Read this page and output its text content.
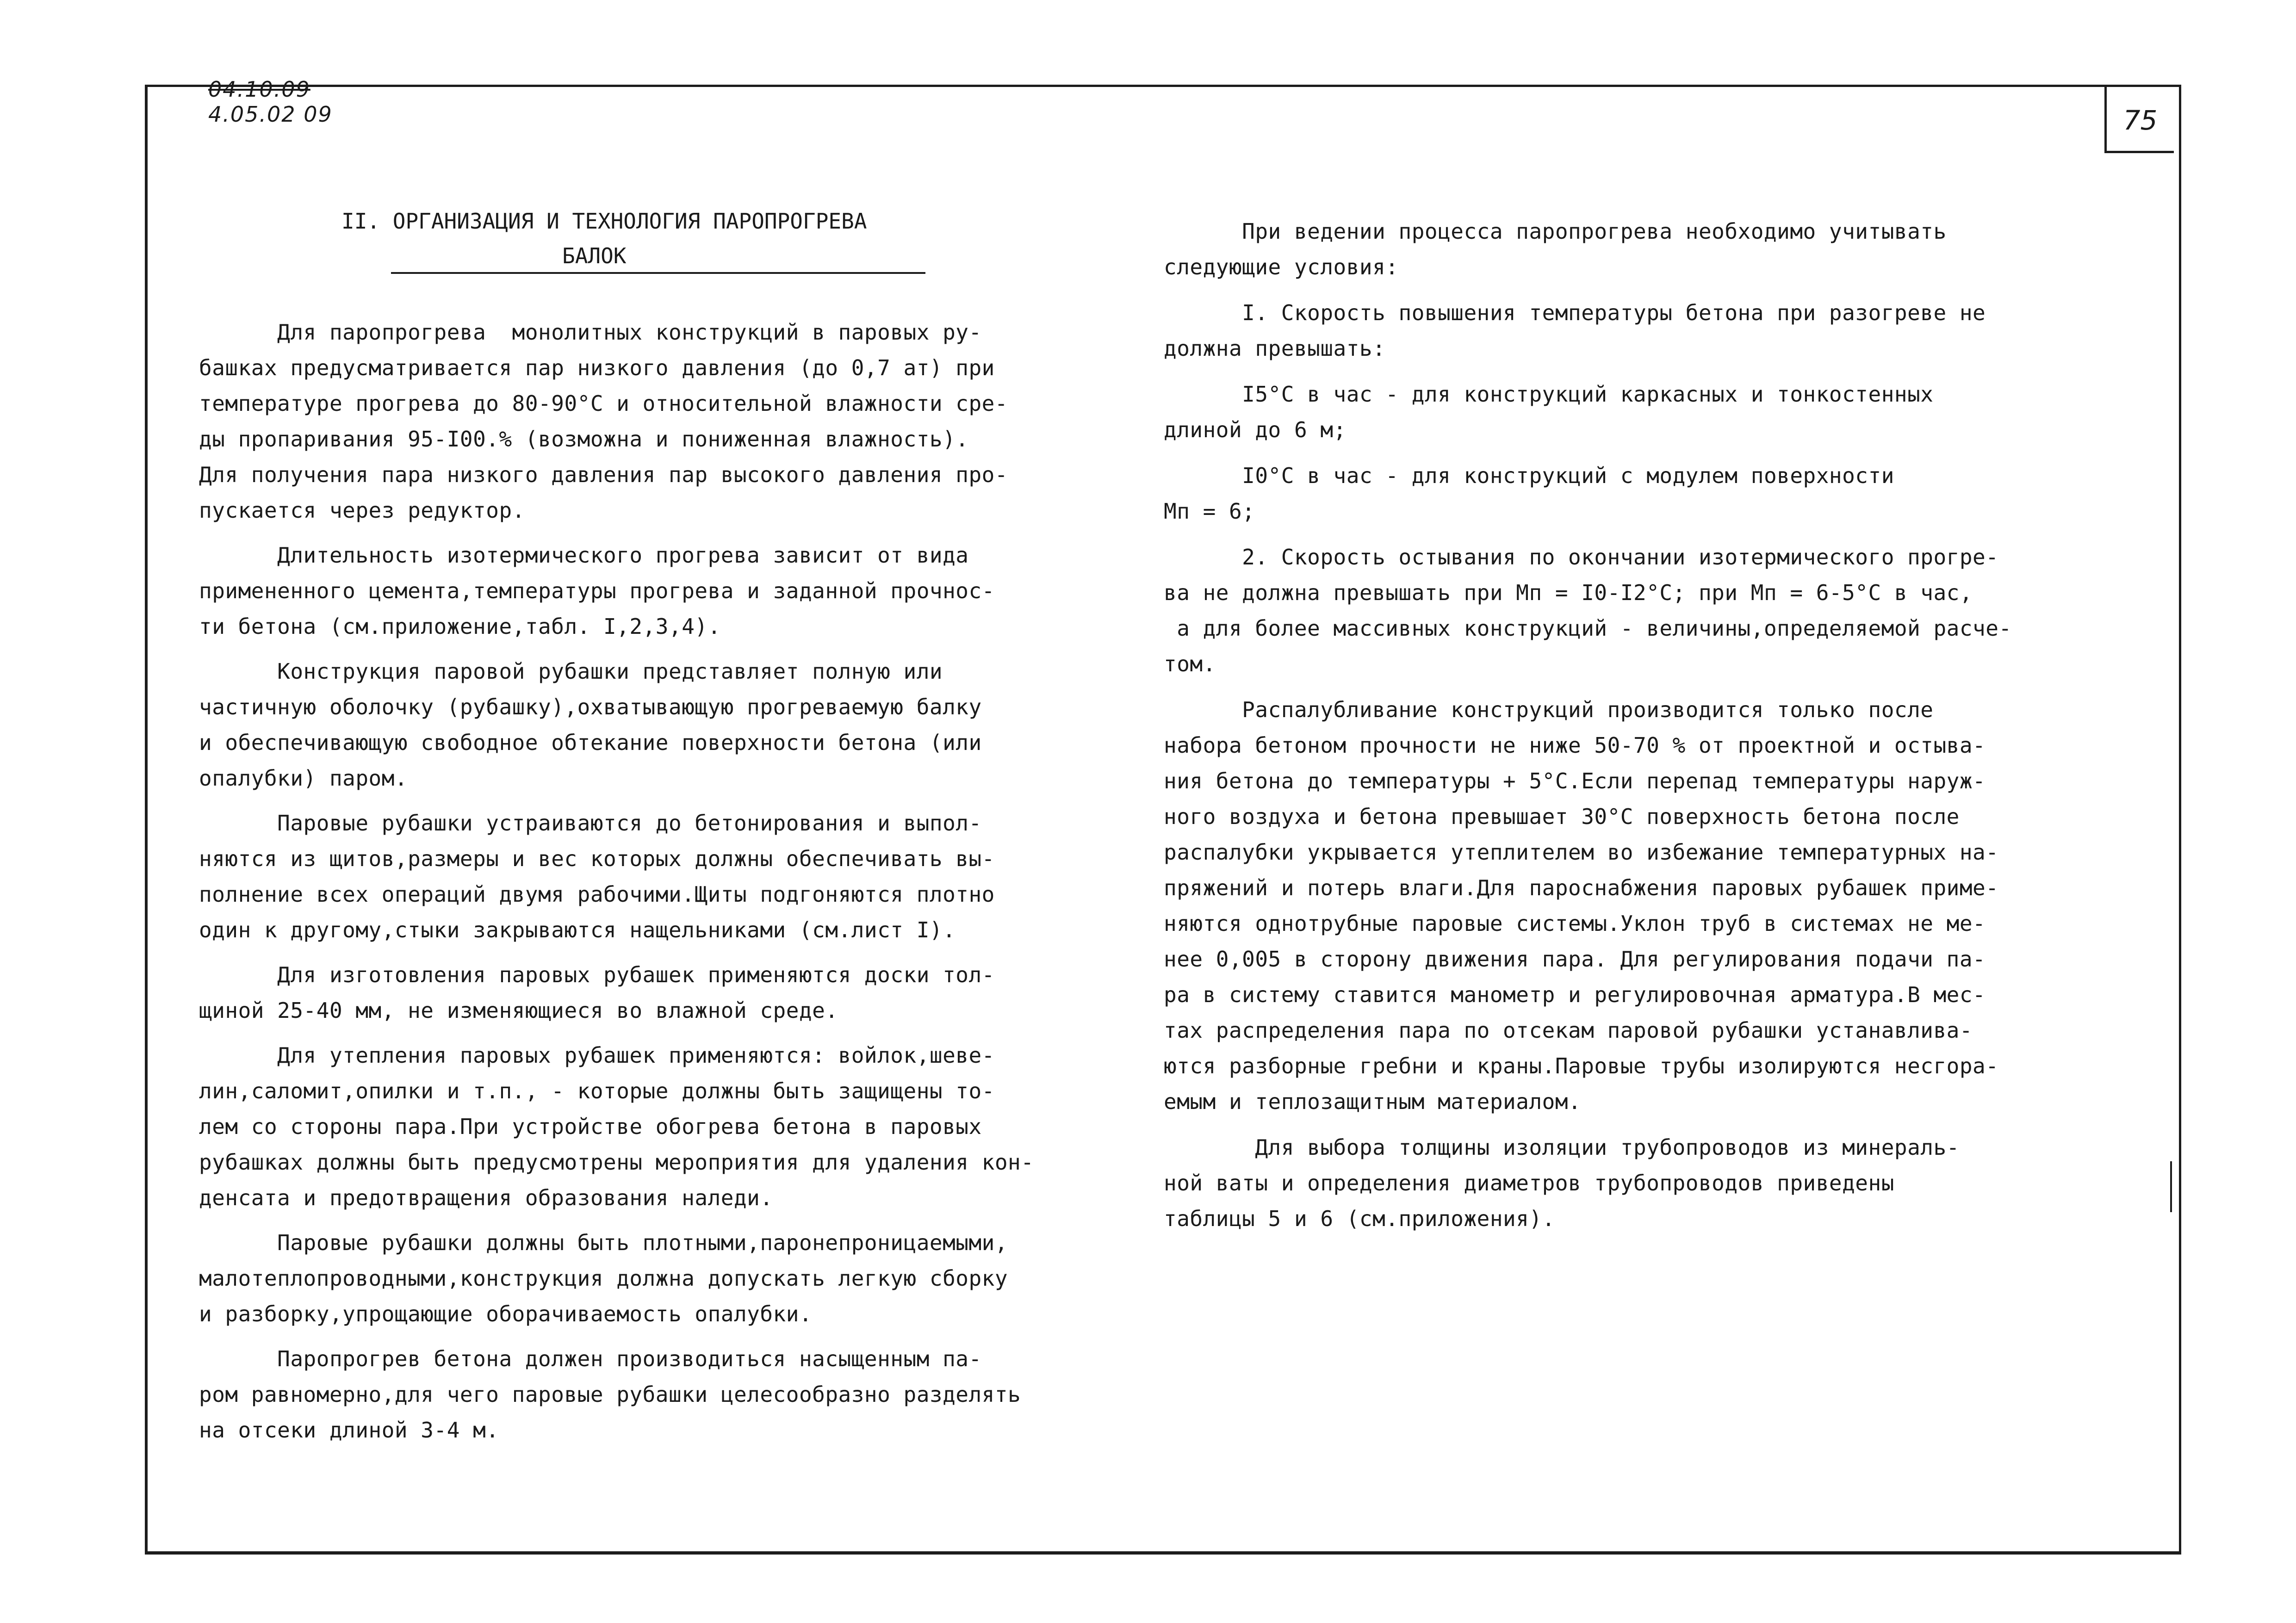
04.10.09
4.05.02 09	75
II. ОРГАНИЗАЦИЯ И ТЕХНОЛОГИЯ ПАРОПРОГРЕВА
БАЛОК
Для паропрогрева  монолитных конструкций в паровых ру-
башках предусматривается пар низкого давления (до 0,7 ат) при
температуре прогрева до 80-90°С и относительной влажности сре-
ды пропаривания 95-I00.% (возможна и пониженная влажность).
Для получения пара низкого давления пар высокого давления про-
пускается через редуктор.
Длительность изотермического прогрева зависит от вида
примененного цемента,температуры прогрева и заданной прочнос-
ти бетона (см.приложение,табл. I,2,3,4).
Конструкция паровой рубашки представляет полную или
частичную оболочку (рубашку),охватывающую прогреваемую балку
и обеспечивающую свободное обтекание поверхности бетона (или
опалубки) паром.
Паровые рубашки устраиваются до бетонирования и выпол-
няются из щитов,размеры и вес которых должны обеспечивать вы-
полнение всех операций двумя рабочими.Щиты подгоняются плотно
один к другому,стыки закрываются нащельниками (см.лист I).
Для изготовления паровых рубашек применяются доски тол-
щиной 25-40 мм, не изменяющиеся во влажной среде.
Для утепления паровых рубашек применяются: войлок,шеве-
лин,саломит,опилки и т.п., - которые должны быть защищены то-
лем со стороны пара.При устройстве обогрева бетона в паровых
рубашках должны быть предусмотрены мероприятия для удаления кон-
денсата и предотвращения образования наледи.
Паровые рубашки должны быть плотными,паронепроницаемыми,
малотеплопроводными,конструкция должна допускать легкую сборку
и разборку,упрощающие оборачиваемость опалубки.
Паропрогрев бетона должен производиться насыщенным па-
ром равномерно,для чего паровые рубашки целесообразно разделять
на отсеки длиной 3-4 м.
При ведении процесса паропрогрева необходимо учитывать
следующие условия:
I. Скорость повышения температуры бетона при разогреве не
должна превышать:
I5°С в час - для конструкций каркасных и тонкостенных
длиной до 6 м;
I0°С в час - для конструкций с модулем поверхности
Мп = 6;
2. Скорость остывания по окончании изотермического прогре-
ва не должна превышать при Мп = I0-I2°С; при Мп = 6-5°С в час,
а для более массивных конструкций - величины,определяемой расче-
том.
Распалубливание конструкций производится только после
набора бетоном прочности не ниже 50-70 % от проектной и остыва-
ния бетона до температуры + 5°С.Если перепад температуры наруж-
ного воздуха и бетона превышает 30°С поверхность бетона после
распалубки укрывается утеплителем во избежание температурных на-
пряжений и потерь влаги.Для пароснабжения паровых рубашек приме-
няются однотрубные паровые системы.Уклон труб в системах не ме-
нее 0,005 в сторону движения пара. Для регулирования подачи па-
ра в систему ставится манометр и регулировочная арматура.В мес-
тах распределения пара по отсекам паровой рубашки устанавлива-
ются разборные гребни и краны.Паровые трубы изолируются несгора-
емым и теплозащитным материалом.
Для выбора толщины изоляции трубопроводов из минераль-
ной ваты и определения диаметров трубопроводов приведены
таблицы 5 и 6 (см.приложения).
